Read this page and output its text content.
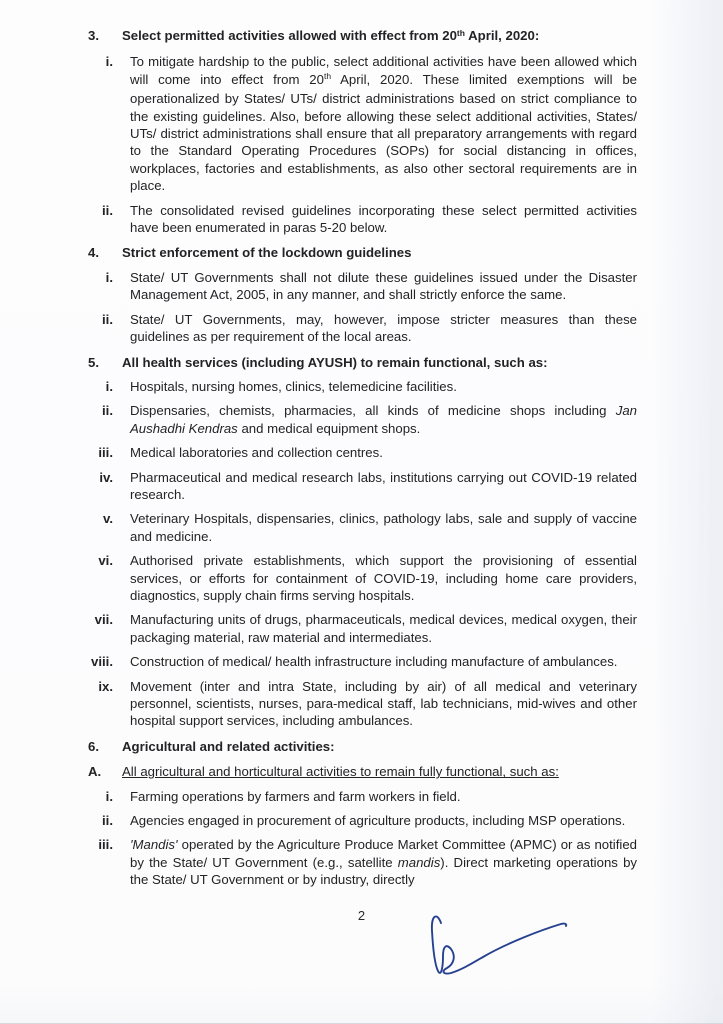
3.	Select permitted activities allowed with effect from 20th April, 2020:
i. To mitigate hardship to the public, select additional activities have been allowed which will come into effect from 20th April, 2020. These limited exemptions will be operationalized by States/ UTs/ district administrations based on strict compliance to the existing guidelines. Also, before allowing these select additional activities, States/ UTs/ district administrations shall ensure that all preparatory arrangements with regard to the Standard Operating Procedures (SOPs) for social distancing in offices, workplaces, factories and establishments, as also other sectoral requirements are in place.
ii. The consolidated revised guidelines incorporating these select permitted activities have been enumerated in paras 5-20 below.
4.	Strict enforcement of the lockdown guidelines
i. State/ UT Governments shall not dilute these guidelines issued under the Disaster Management Act, 2005, in any manner, and shall strictly enforce the same.
ii. State/ UT Governments, may, however, impose stricter measures than these guidelines as per requirement of the local areas.
5.	All health services (including AYUSH) to remain functional, such as:
i. Hospitals, nursing homes, clinics, telemedicine facilities.
ii. Dispensaries, chemists, pharmacies, all kinds of medicine shops including Jan Aushadhi Kendras and medical equipment shops.
iii. Medical laboratories and collection centres.
iv. Pharmaceutical and medical research labs, institutions carrying out COVID-19 related research.
v. Veterinary Hospitals, dispensaries, clinics, pathology labs, sale and supply of vaccine and medicine.
vi. Authorised private establishments, which support the provisioning of essential services, or efforts for containment of COVID-19, including home care providers, diagnostics, supply chain firms serving hospitals.
vii. Manufacturing units of drugs, pharmaceuticals, medical devices, medical oxygen, their packaging material, raw material and intermediates.
viii. Construction of medical/ health infrastructure including manufacture of ambulances.
ix. Movement (inter and intra State, including by air) of all medical and veterinary personnel, scientists, nurses, para-medical staff, lab technicians, mid-wives and other hospital support services, including ambulances.
6.	Agricultural and related activities:
A.	All agricultural and horticultural activities to remain fully functional, such as:
i. Farming operations by farmers and farm workers in field.
ii. Agencies engaged in procurement of agriculture products, including MSP operations.
iii. 'Mandis' operated by the Agriculture Produce Market Committee (APMC) or as notified by the State/ UT Government (e.g., satellite mandis). Direct marketing operations by the State/ UT Government or by industry, directly
2
